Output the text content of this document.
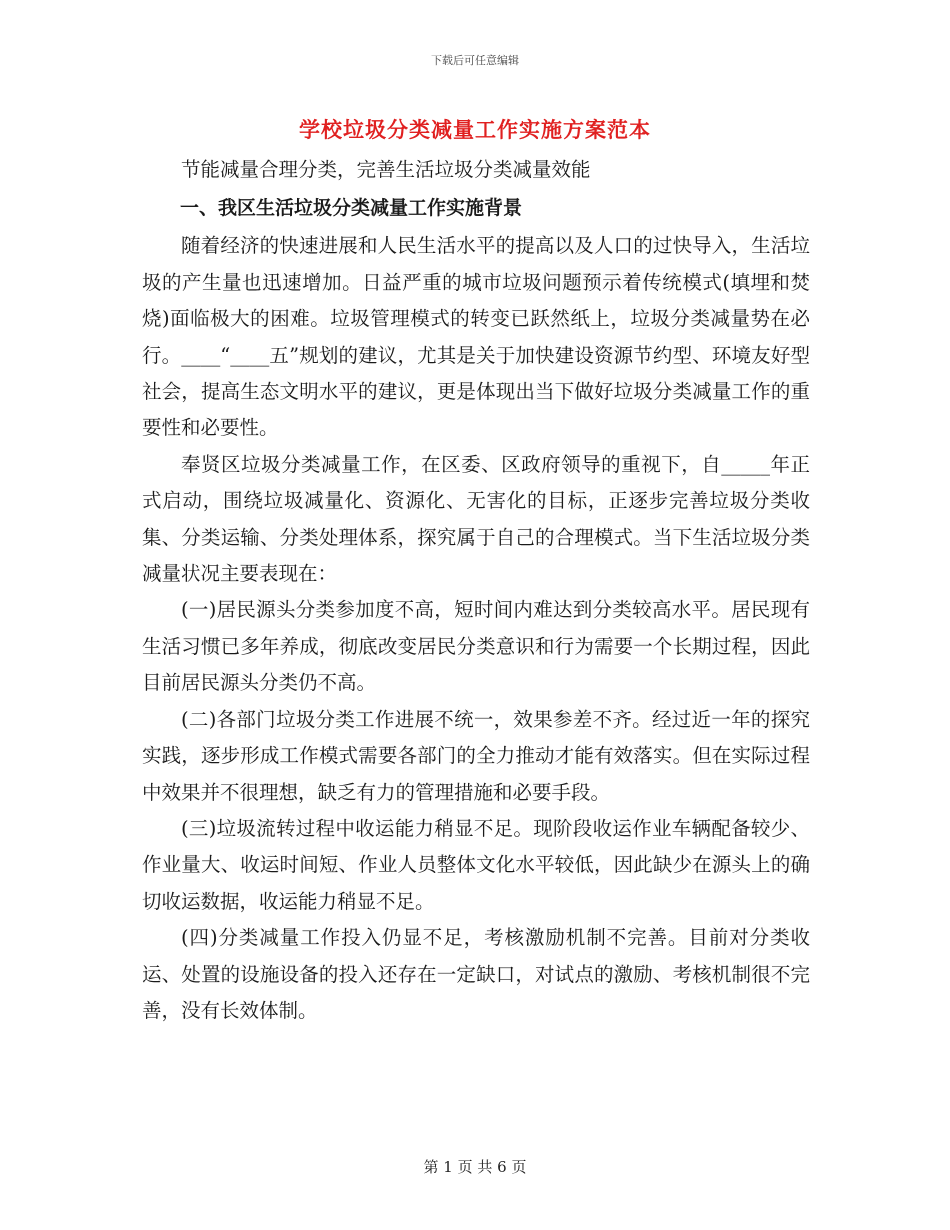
下载后可任意编辑
学校垃圾分类减量工作实施方案范本

节能减量合理分类，完善生活垃圾分类减量效能

一、我区生活垃圾分类减量工作实施背景

随着经济的快速进展和人民生活水平的提高以及人口的过快导入，生活垃圾的产生量也迅速增加。日益严重的城市垃圾问题预示着传统模式(填埋和焚烧)面临极大的困难。垃圾管理模式的转变已跃然纸上，垃圾分类减量势在必行。____“____五”规划的建议，尤其是关于加快建设资源节约型、环境友好型社会，提高生态文明水平的建议，更是体现出当下做好垃圾分类减量工作的重要性和必要性。

奉贤区垃圾分类减量工作，在区委、区政府领导的重视下，自_____年正式启动，围绕垃圾减量化、资源化、无害化的目标，正逐步完善垃圾分类收集、分类运输、分类处理体系，探究属于自己的合理模式。当下生活垃圾分类减量状况主要表现在：

(一)居民源头分类参加度不高，短时间内难达到分类较高水平。居民现有生活习惯已多年养成，彻底改变居民分类意识和行为需要一个长期过程，因此目前居民源头分类仍不高。

(二)各部门垃圾分类工作进展不统一，效果参差不齐。经过近一年的探究实践，逐步形成工作模式需要各部门的全力推动才能有效落实。但在实际过程中效果并不很理想，缺乏有力的管理措施和必要手段。

(三)垃圾流转过程中收运能力稍显不足。现阶段收运作业车辆配备较少、作业量大、收运时间短、作业人员整体文化水平较低，因此缺少在源头上的确切收运数据，收运能力稍显不足。

(四)分类减量工作投入仍显不足，考核激励机制不完善。目前对分类收运、处置的设施设备的投入还存在一定缺口，对试点的激励、考核机制很不完善，没有长效体制。

第 1 页 共 6 页
